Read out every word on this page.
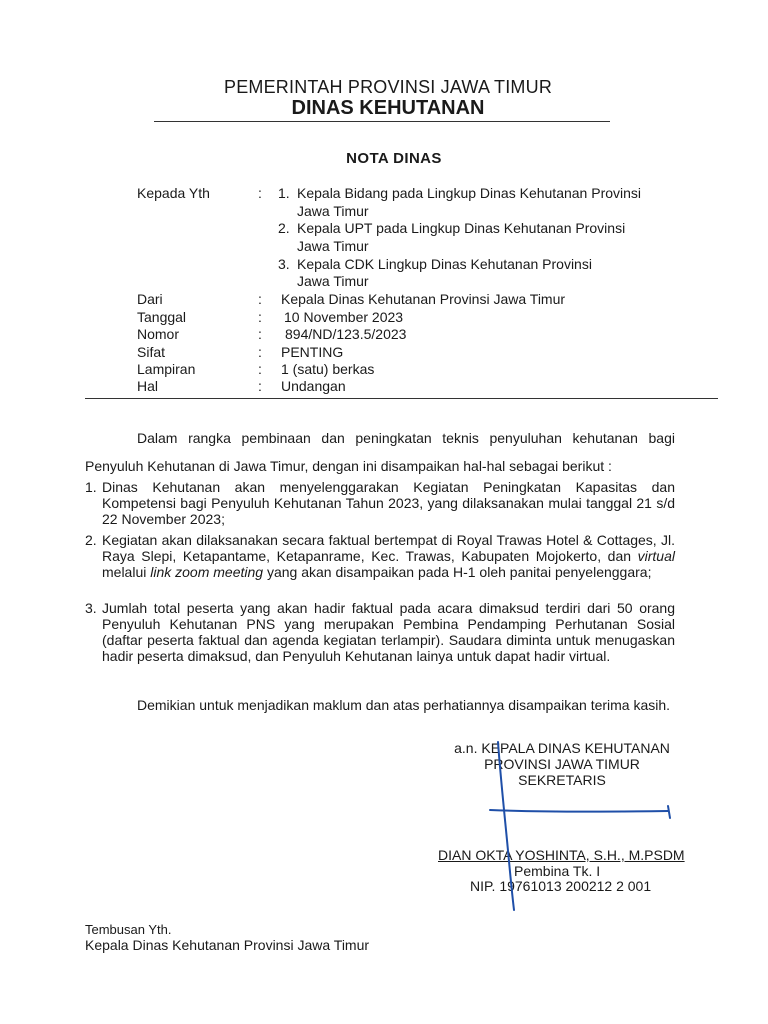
PEMERINTAH PROVINSI JAWA TIMUR
DINAS KEHUTANAN
NOTA DINAS
Kepada Yth	: 1. Kepala Bidang pada Lingkup Dinas Kehutanan Provinsi
Jawa Timur
2. Kepala UPT pada Lingkup Dinas Kehutanan Provinsi
Jawa Timur
3. Kepala CDK Lingkup Dinas Kehutanan Provinsi
Jawa Timur
Dari	: Kepala Dinas Kehutanan Provinsi Jawa Timur
Tanggal	: 10 November 2023
Nomor	: 894/ND/123.5/2023
Sifat	: PENTING
Lampiran	: 1 (satu) berkas
Hal	: Undangan
Dalam rangka pembinaan dan peningkatan teknis penyuluhan kehutanan bagi Penyuluh Kehutanan di Jawa Timur, dengan ini disampaikan hal-hal sebagai berikut :
1. Dinas Kehutanan akan menyelenggarakan Kegiatan Peningkatan Kapasitas dan Kompetensi bagi Penyuluh Kehutanan Tahun 2023, yang dilaksanakan mulai tanggal 21 s/d 22 November 2023;
2. Kegiatan akan dilaksanakan secara faktual bertempat di Royal Trawas Hotel & Cottages, Jl. Raya Slepi, Ketapantame, Ketapanrame, Kec. Trawas, Kabupaten Mojokerto, dan virtual melalui link zoom meeting yang akan disampaikan pada H-1 oleh panitai penyelenggara;
3. Jumlah total peserta yang akan hadir faktual pada acara dimaksud terdiri dari 50 orang Penyuluh Kehutanan PNS yang merupakan Pembina Pendamping Perhutanan Sosial (daftar peserta faktual dan agenda kegiatan terlampir). Saudara diminta untuk menugaskan hadir peserta dimaksud, dan Penyuluh Kehutanan lainya untuk dapat hadir virtual.
Demikian untuk menjadikan maklum dan atas perhatiannya disampaikan terima kasih.
a.n. KEPALA DINAS KEHUTANAN
PROVINSI JAWA TIMUR
SEKRETARIS
DIAN OKTA YOSHINTA, S.H., M.PSDM
Pembina Tk. I
NIP. 19761013 200212 2 001
Tembusan Yth.
Kepala Dinas Kehutanan Provinsi Jawa Timur
